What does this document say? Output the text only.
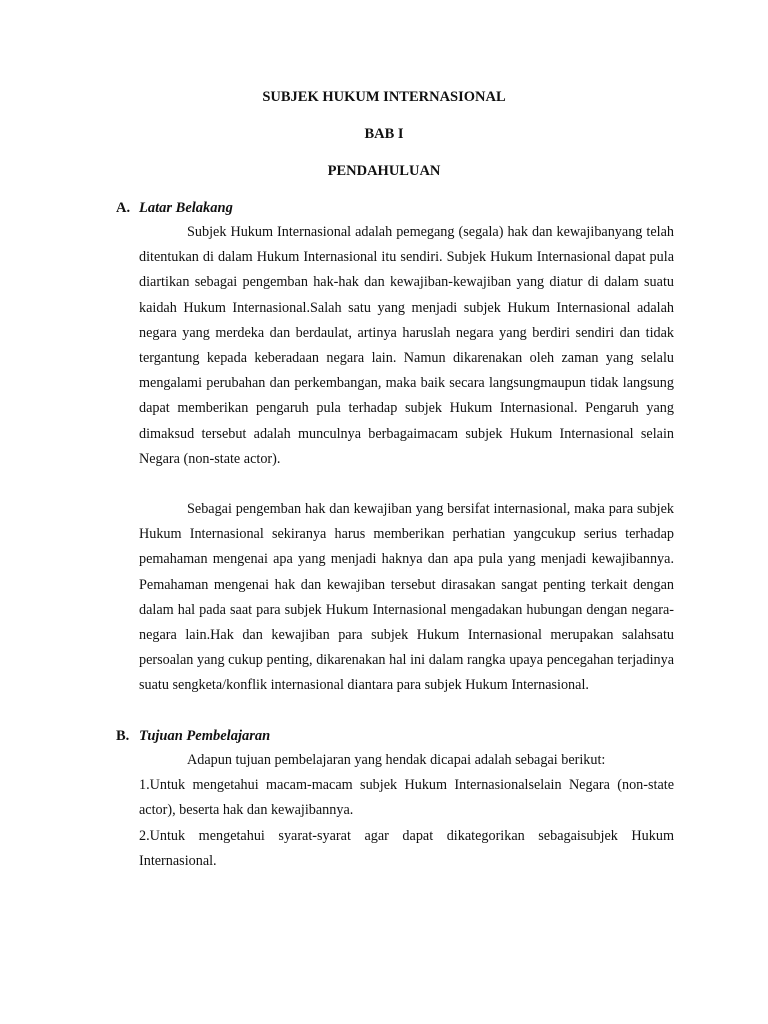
SUBJEK HUKUM INTERNASIONAL
BAB I
PENDAHULUAN
A. Latar Belakang

Subjek Hukum Internasional adalah pemegang (segala) hak dan kewajibanyang telah ditentukan di dalam Hukum Internasional itu sendiri. Subjek Hukum Internasional dapat pula diartikan sebagai pengemban hak-hak dan kewajiban-kewajiban yang diatur di dalam suatu kaidah Hukum Internasional.Salah satu yang menjadi subjek Hukum Internasional adalah negara yang merdeka dan berdaulat, artinya haruslah negara yang berdiri sendiri dan tidak tergantung kepada keberadaan negara lain. Namun dikarenakan oleh zaman yang selalu mengalami perubahan dan perkembangan, maka baik secara langsungmaupun tidak langsung dapat memberikan pengaruh pula terhadap subjek Hukum Internasional. Pengaruh yang dimaksud tersebut adalah munculnya berbagaimacam subjek Hukum Internasional selain Negara (non-state actor).

Sebagai pengemban hak dan kewajiban yang bersifat internasional, maka para subjek Hukum Internasional sekiranya harus memberikan perhatian yangcukup serius terhadap pemahaman mengenai apa yang menjadi haknya dan apa pula yang menjadi kewajibannya. Pemahaman mengenai hak dan kewajiban tersebut dirasakan sangat penting terkait dengan dalam hal pada saat para subjek Hukum Internasional mengadakan hubungan dengan negara-negara lain.Hak dan kewajiban para subjek Hukum Internasional merupakan salahsatu persoalan yang cukup penting, dikarenakan hal ini dalam rangka upaya pencegahan terjadinya suatu sengketa/konflik internasional diantara para subjek Hukum Internasional.

B. Tujuan Pembelajaran

Adapun tujuan pembelajaran yang hendak dicapai adalah sebagai berikut:

1.Untuk mengetahui macam-macam subjek Hukum Internasionalselain Negara (non-state actor), beserta hak dan kewajibannya.

2.Untuk mengetahui syarat-syarat agar dapat dikategorikan sebagaisubjek Hukum Internasional.
